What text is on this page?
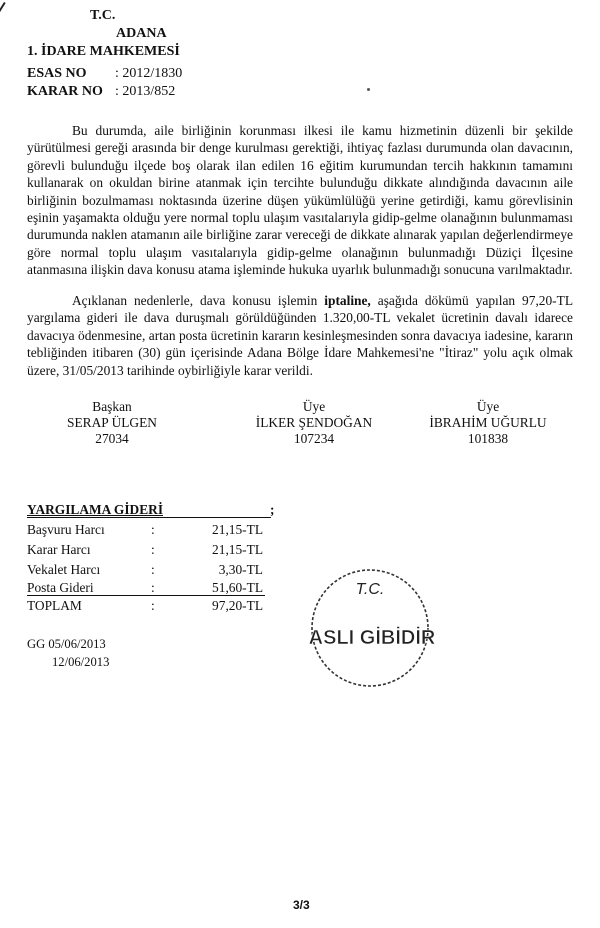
T.C.
ADANA
1. İDARE MAHKEMESİ
ESAS NO : 2012/1830
KARAR NO : 2013/852
Bu durumda, aile birliğinin korunması ilkesi ile kamu hizmetinin düzenli bir şekilde yürütülmesi gereği arasında bir denge kurulması gerektiği, ihtiyaç fazlası durumunda olan davacının, görevli bulunduğu ilçede boş olarak ilan edilen 16 eğitim kurumundan tercih hakkının tamamını kullanarak on okuldan birine atanmak için tercihte bulunduğu dikkate alındığında davacının aile birliğinin bozulmaması noktasında üzerine düşen yükümlülüğü yerine getirdiği, kamu görevlisinin eşinin yaşamakta olduğu yere normal toplu ulaşım vasıtalarıyla gidip-gelme olanağının bulunmaması durumunda naklen atamanın aile birliğine zarar vereceği de dikkate alınarak yapılan değerlendirmeye göre normal toplu ulaşım vasıtalarıyla gidip-gelme olanağının bulunmadığı Düziçi İlçesine atanmasına ilişkin dava konusu atama işleminde hukuka uyarlık bulunmadığı sonucuna varılmaktadır.
Açıklanan nedenlerle, dava konusu işlemin iptaline, aşağıda dökümü yapılan 97,20-TL yargılama gideri ile dava duruşmalı görüldüğünden 1.320,00-TL vekalet ücretinin davalı idarece davacıya ödenmesine, artan posta ücretinin kararın kesinleşmesinden sonra davacıya iadesine, kararın tebliğinden itibaren (30) gün içerisinde Adana Bölge İdare Mahkemesi'ne "İtiraz" yolu açık olmak üzere, 31/05/2013 tarihinde oybirliğiyle karar verildi.
Başkan
SERAP ÜLGEN
27034
Üye
İLKER ŞENDOĞAN
107234
Üye
İBRAHİM UĞURLU
101838
YARGILAMA GİDERİ	;
Başvuru Harcı	:	21,15-TL
Karar Harcı	:	21,15-TL
Vekalet Harcı	:	3,30-TL
Posta Gideri	:	51,60-TL
TOPLAM	:	97,20-TL
GG 05/06/2013
12/06/2013
T.C.
ASLI GİBİDİR
3/3
